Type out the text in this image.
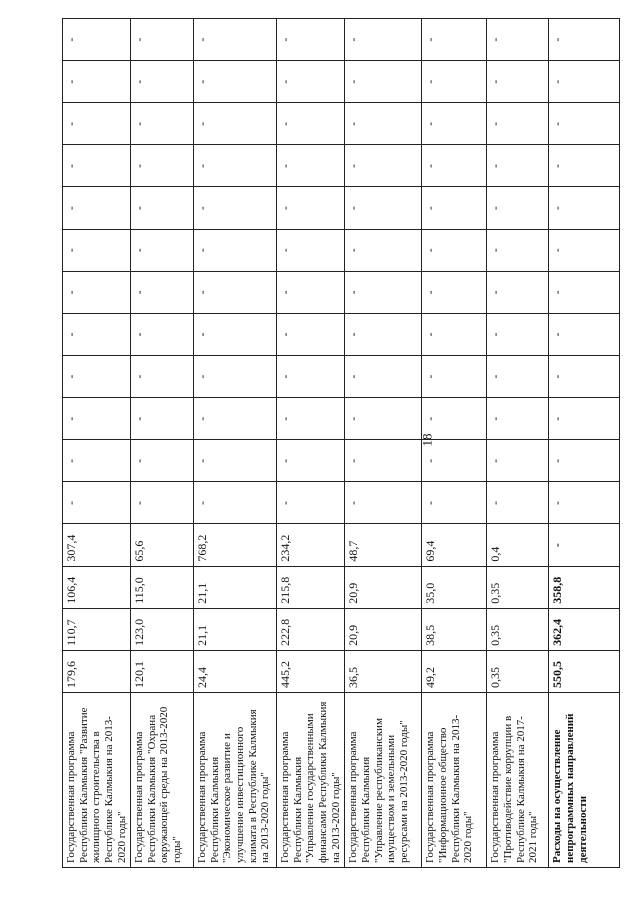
18
Государственная программа Республики Калмыкия "Развитие жилищного строительства в Республике Калмыкия на 2013-2020 годы"	179,6	110,7	106,4	307,4	-	-	-	-	-	-	-	-	-	-	-	-
Государственная программа Республики Калмыкия "Охрана окружающей среды на 2013-2020 годы"	120,1	123,0	115,0	65,6	-	-	-	-	-	-	-	-	-	-	-	-
Государственная программа Республики Калмыкия "Экономическое развитие и улучшение инвестиционного климата в Республике Калмыкия на 2013-2020 годы"	24,4	21,1	21,1	768,2	-	-	-	-	-	-	-	-	-	-	-	-
Государственная программа Республики Калмыкия "Управление государственными финансами Республики Калмыкия на 2013-2020 годы"	445,2	222,8	215,8	234,2	-	-	-	-	-	-	-	-	-	-	-	-
Государственная программа Республики Калмыкия "Управление республиканским имуществом и земельными ресурсами на 2013-2020 годы"	36,5	20,9	20,9	48,7	-	-	-	-	-	-	-	-	-	-	-	-
Государственная программа "Информационное общество Республики Калмыкия на 2013-2020 годы"	49,2	38,5	35,0	69,4	-	-	-	-	-	-	-	-	-	-	-	-
Государственная программа "Противодействие коррупции в Республике Калмыкия на 2017-2021 годы"	0,35	0,35	0,35	0,4	-	-	-	-	-	-	-	-	-	-	-	-
Расходы на осуществление непрограммных направлений деятельности	550,5	362,4	358,8	-	-	-	-	-	-	-	-	-	-	-	-	-
